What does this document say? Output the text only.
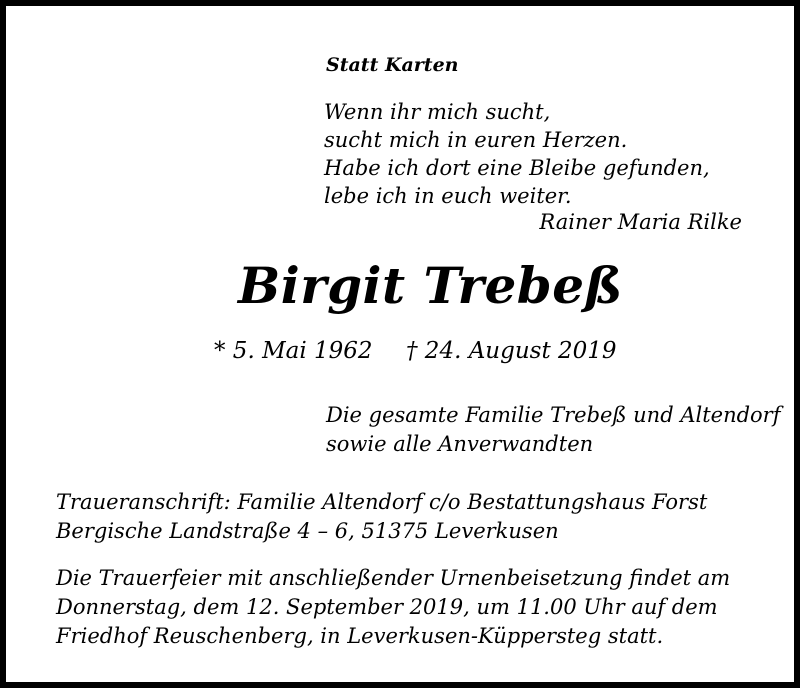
Statt Karten
Wenn ihr mich sucht,
sucht mich in euren Herzen.
Habe ich dort eine Bleibe gefunden,
lebe ich in euch weiter.
Rainer Maria Rilke
Birgit Trebeß
* 5. Mai 1962 † 24. August 2019
Die gesamte Familie Trebeß und Altendorf
sowie alle Anverwandten
Traueranschrift: Familie Altendorf c/o Bestattungshaus Forst
Bergische Landstraße 4 – 6, 51375 Leverkusen
Die Trauerfeier mit anschließender Urnenbeisetzung findet am
Donnerstag, dem 12. September 2019, um 11.00 Uhr auf dem
Friedhof Reuschenberg, in Leverkusen-Küppersteg statt.
